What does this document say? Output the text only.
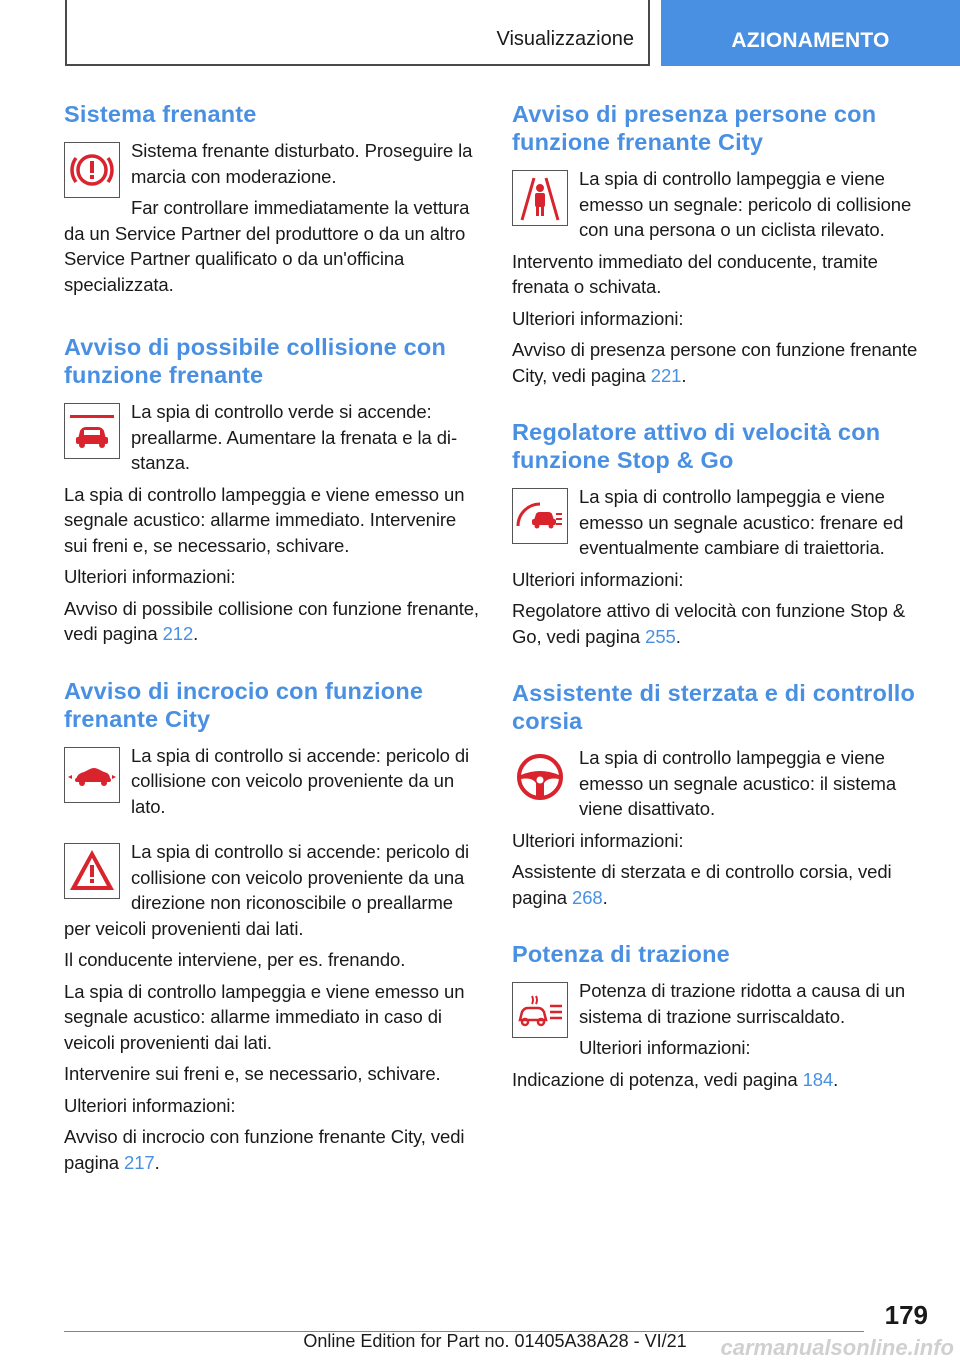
Visualizzazione	AZIONAMENTO
Sistema frenante

Sistema frenante disturbato. Proseguire la marcia con moderazione.

Far controllare immediatamente la vettura da un Service Partner del produttore o da un altro Service Partner qualificato o da un'officina specializzata.

Avviso di possibile collisione con funzione frenante

La spia di controllo verde si accende: preallarme. Aumentare la frenata e la distanza.

La spia di controllo lampeggia e viene emesso un segnale acustico: allarme immediato. Intervenire sui freni e, se necessario, schivare.

Ulteriori informazioni:

Avviso di possibile collisione con funzione frenante, vedi pagina 212.

Avviso di incrocio con funzione frenante City

La spia di controllo si accende: pericolo di collisione con veicolo proveniente da un lato.

La spia di controllo si accende: pericolo di collisione con veicolo proveniente da una direzione non riconoscibile o preallarme per veicoli provenienti dai lati.

Il conducente interviene, per es. frenando.

La spia di controllo lampeggia e viene emesso un segnale acustico: allarme immediato in caso di veicoli provenienti dai lati.

Intervenire sui freni e, se necessario, schivare.

Ulteriori informazioni:

Avviso di incrocio con funzione frenante City, vedi pagina 217.

Avviso di presenza persone con funzione frenante City

La spia di controllo lampeggia e viene emesso un segnale: pericolo di collisione con una persona o un ciclista rilevato.

Intervento immediato del conducente, tramite frenata o schivata.

Ulteriori informazioni:

Avviso di presenza persone con funzione frenante City, vedi pagina 221.

Regolatore attivo di velocità con funzione Stop & Go

La spia di controllo lampeggia e viene emesso un segnale acustico: frenare ed eventualmente cambiare di traiettoria.

Ulteriori informazioni:

Regolatore attivo di velocità con funzione Stop & Go, vedi pagina 255.

Assistente di sterzata e di controllo corsia

La spia di controllo lampeggia e viene emesso un segnale acustico: il sistema viene disattivato.

Ulteriori informazioni:

Assistente di sterzata e di controllo corsia, vedi pagina 268.

Potenza di trazione

Potenza di trazione ridotta a causa di un sistema di trazione surriscaldato.

Ulteriori informazioni:

Indicazione di potenza, vedi pagina 184.

179
Online Edition for Part no. 01405A38A28 - VI/21	carmanualsonline.info
